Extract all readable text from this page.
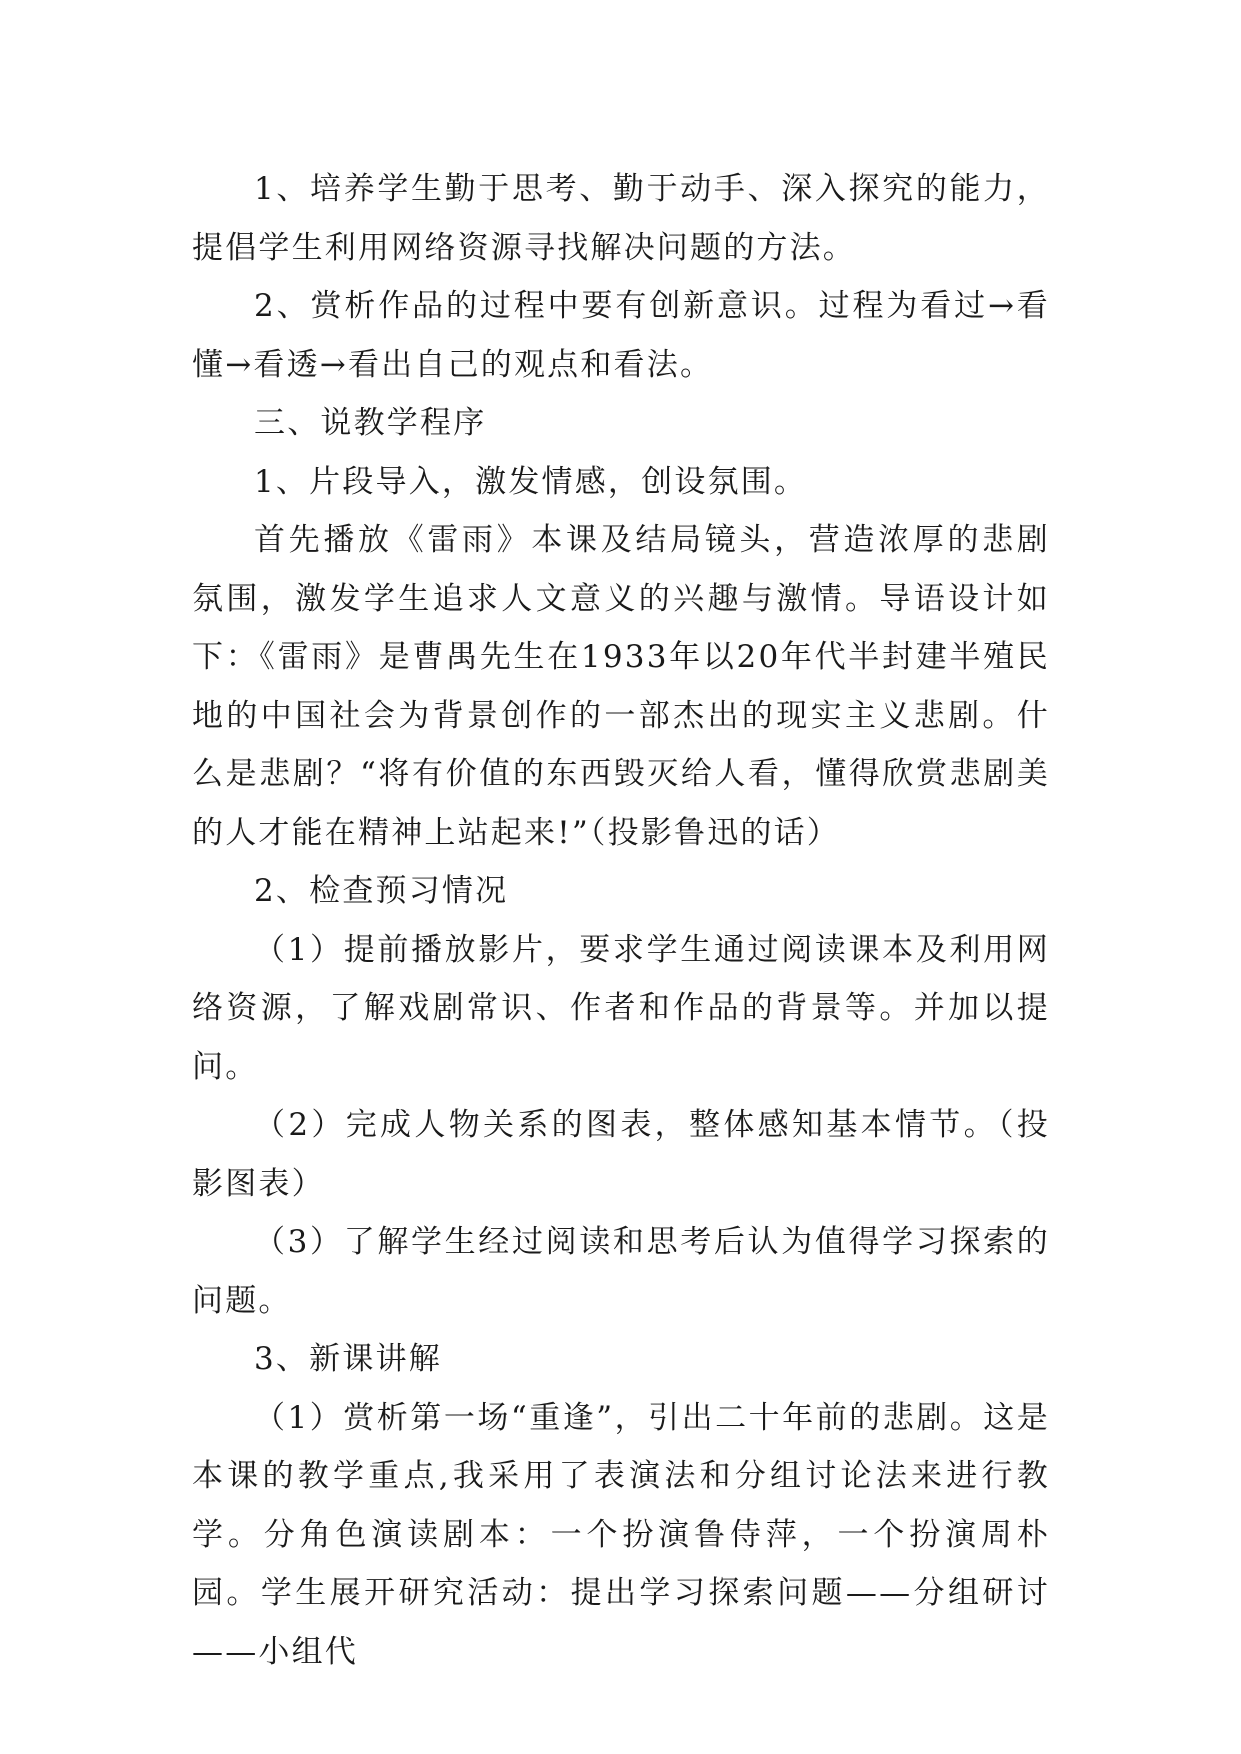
1、培养学生勤于思考、勤于动手、深入探究的能力，提倡学生利用网络资源寻找解决问题的方法。

2、赏析作品的过程中要有创新意识。过程为看过→看懂→看透→看出自己的观点和看法。

三、说教学程序

1、片段导入，激发情感，创设氛围。

首先播放《雷雨》本课及结局镜头，营造浓厚的悲剧氛围，激发学生追求人文意义的兴趣与激情。导语设计如下：《雷雨》是曹禺先生在1933年以20年代半封建半殖民地的中国社会为背景创作的一部杰出的现实主义悲剧。什么是悲剧？“将有价值的东西毁灭给人看，懂得欣赏悲剧美的人才能在精神上站起来!”（投影鲁迅的话）

2、检查预习情况

（1）提前播放影片，要求学生通过阅读课本及利用网络资源，了解戏剧常识、作者和作品的背景等。并加以提问。

（2）完成人物关系的图表，整体感知基本情节。（投影图表）

（3）了解学生经过阅读和思考后认为值得学习探索的问题。

3、新课讲解

（1）赏析第一场“重逢”，引出二十年前的悲剧。这是本课的教学重点,我采用了表演法和分组讨论法来进行教学。分角色演读剧本：一个扮演鲁侍萍，一个扮演周朴园。学生展开研究活动：提出学习探索问题——分组研讨——小组代
